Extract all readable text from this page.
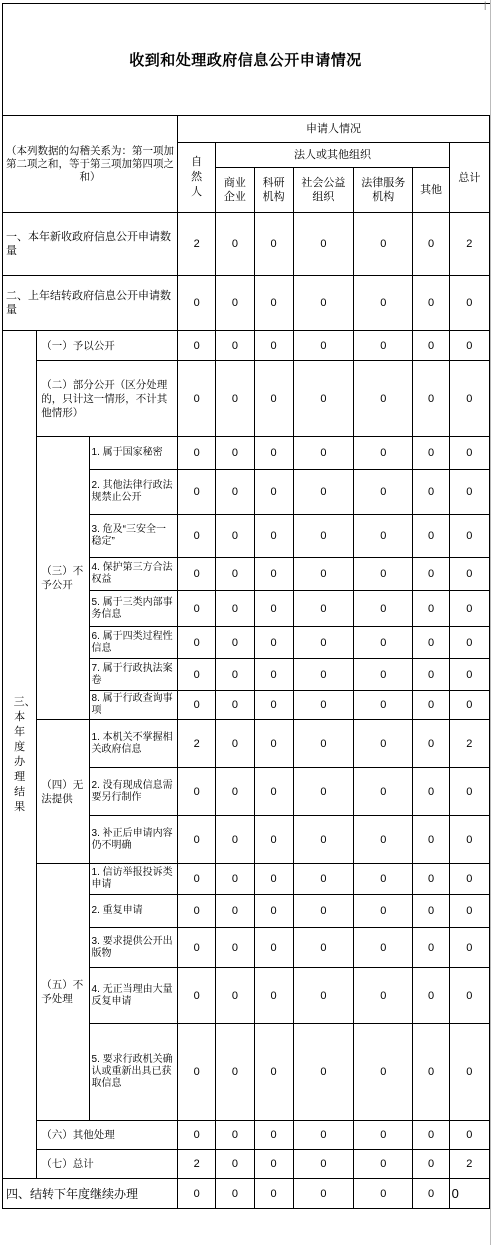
收到和处理政府信息公开申请情况
|
（本列数据的勾稽关系为：第一项加第二项之和，等于第三项加第四项之和）			申请人情况						
			自然人	法人或其他组织					总计
				商业企业	科研机构	社会公益组织	法律服务机构	其他	
一、本年新收政府信息公开申请数量			2	0	0	0	0	0	2
二、上年结转政府信息公开申请数量			0	0	0	0	0	0	0
三、本年度办理结果	（一）予以公开		0	0	0	0	0	0	0
	（二）部分公开（区分处理的，只计这一情形，不计其他情形）		0	0	0	0	0	0	0
	（三）不予公开	1. 属于国家秘密	0	0	0	0	0	0	0
		2. 其他法律行政法规禁止公开	0	0	0	0	0	0	0
		3. 危及“三安全一稳定”	0	0	0	0	0	0	0
		4. 保护第三方合法权益	0	0	0	0	0	0	0
		5. 属于三类内部事务信息	0	0	0	0	0	0	0
		6. 属于四类过程性信息	0	0	0	0	0	0	0
		7. 属于行政执法案卷	0	0	0	0	0	0	0
		8. 属于行政查询事项	0	0	0	0	0	0	0
	（四）无法提供	1. 本机关不掌握相关政府信息	2	0	0	0	0	0	2
		2. 没有现成信息需要另行制作	0	0	0	0	0	0	0
		3. 补正后申请内容仍不明确	0	0	0	0	0	0	0
	（五）不予处理	1. 信访举报投诉类申请	0	0	0	0	0	0	0
		2. 重复申请	0	0	0	0	0	0	0
		3. 要求提供公开出版物	0	0	0	0	0	0	0
		4. 无正当理由大量反复申请	0	0	0	0	0	0	0
		5. 要求行政机关确认或重新出具已获取信息	0	0	0	0	0	0	0
	（六）其他处理		0	0	0	0	0	0	0
	（七）总计		2	0	0	0	0	0	2
四、结转下年度继续办理			0	0	0	0	0	0	0
